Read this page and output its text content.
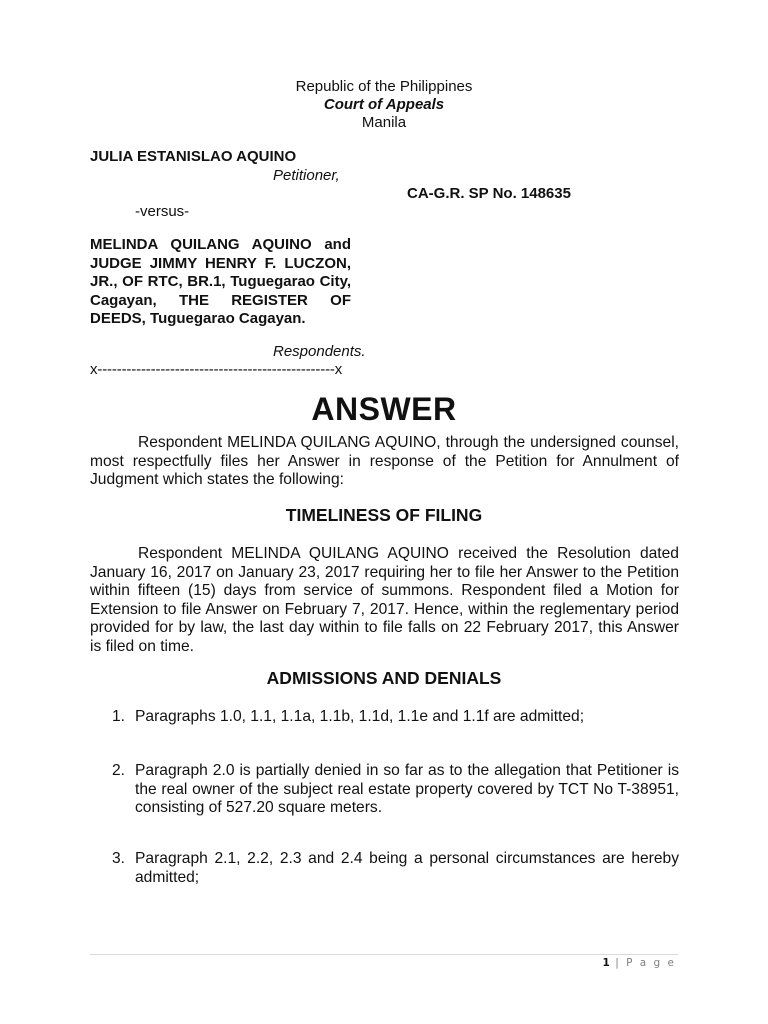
Republic of the Philippines
Court of Appeals
Manila
JULIA ESTANISLAO AQUINO
Petitioner,
CA-G.R. SP No. 148635
-versus-
MELINDA QUILANG AQUINO and JUDGE JIMMY HENRY F. LUCZON, JR., OF RTC, BR.1, Tuguegarao City, Cagayan, THE REGISTER OF DEEDS, Tuguegarao Cagayan.
Respondents.
x-------------------------------------------------x
ANSWER
Respondent MELINDA QUILANG AQUINO, through the undersigned counsel, most respectfully files her Answer in response of the Petition for Annulment of Judgment which states the following:
TIMELINESS OF FILING
Respondent MELINDA QUILANG AQUINO received the Resolution dated January 16, 2017 on January 23, 2017 requiring her to file her Answer to the Petition within fifteen (15) days from service of summons. Respondent filed a Motion for Extension to file Answer on February 7, 2017. Hence, within the reglementary period provided for by law, the last day within to file falls on 22 February 2017, this Answer is filed on time.
ADMISSIONS AND DENIALS
1. Paragraphs 1.0, 1.1, 1.1a, 1.1b, 1.1d, 1.1e and 1.1f are admitted;
2. Paragraph 2.0 is partially denied in so far as to the allegation that Petitioner is the real owner of the subject real estate property covered by TCT No T-38951, consisting of 527.20 square meters.
3. Paragraph 2.1, 2.2, 2.3 and 2.4 being a personal circumstances are hereby admitted;
1 | P a g e
